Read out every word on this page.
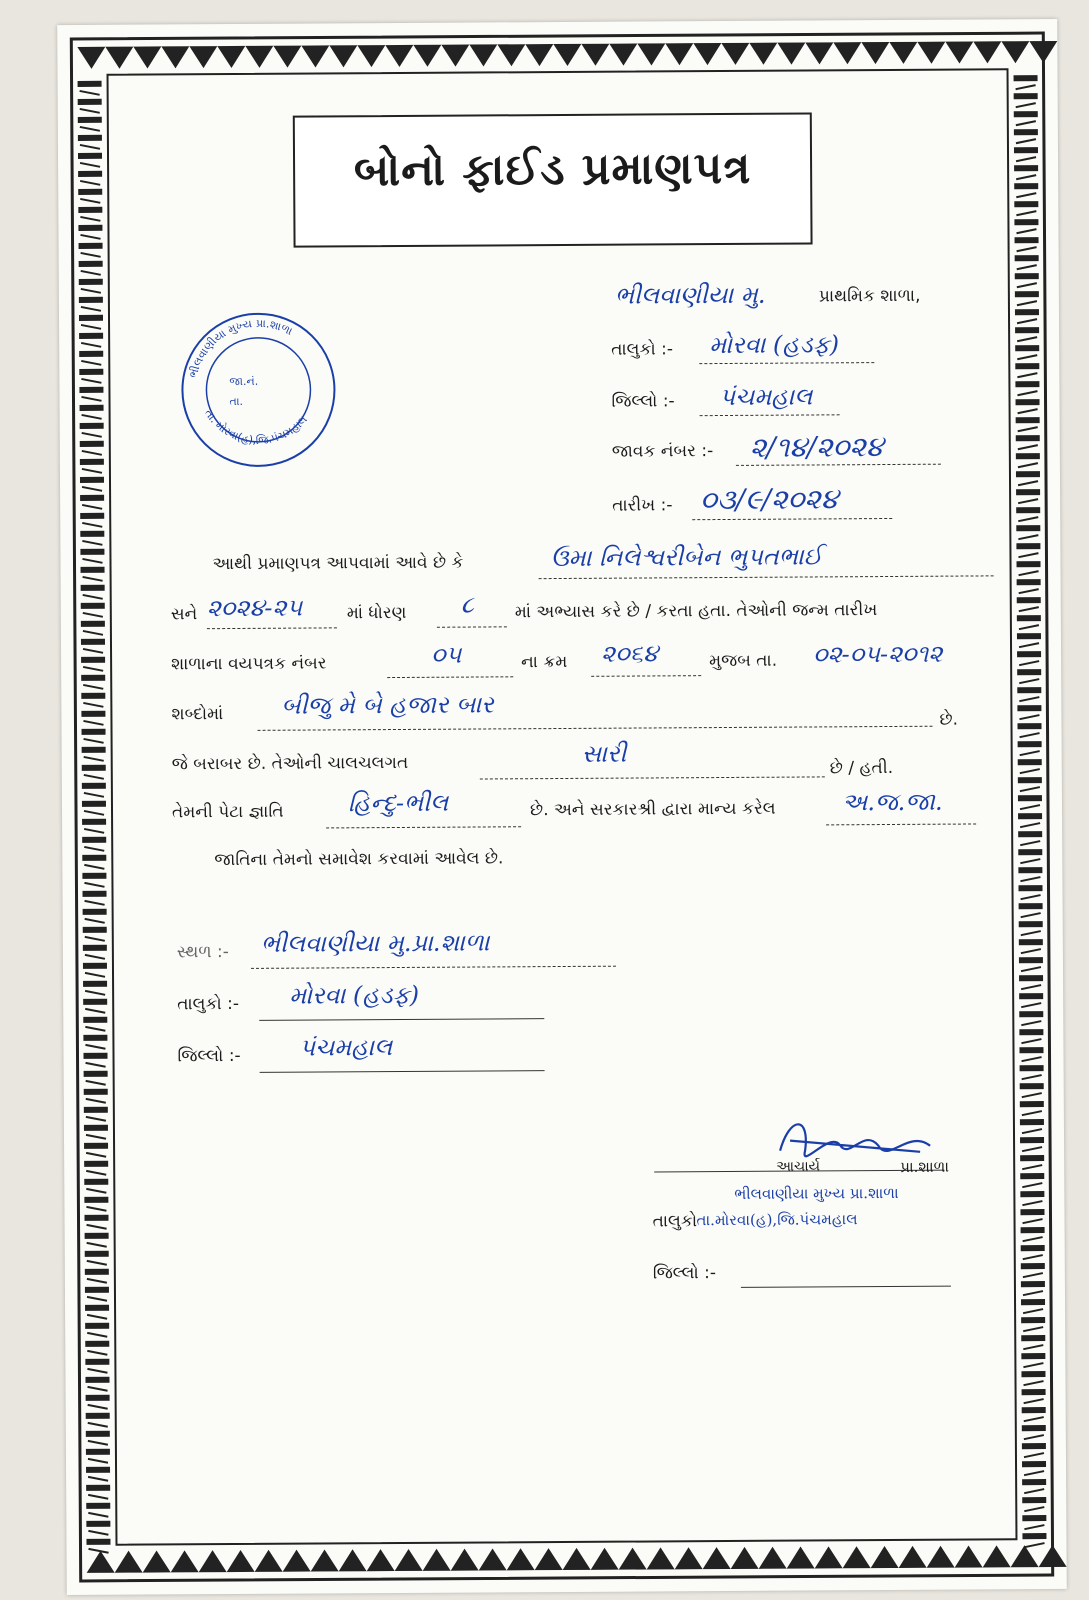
બોનો ફાઈડ પ્રમાણપત્ર
ભીલવાણીયા મુખ્ય પ્રા.શાળા
તા. મોરવા(હ),જિ.પંચમહાલ
જા.નં.
તા.
ભીલવાણીયા મુ.	પ્રાથમિક શાળા,
તાલુકો :- મોરવા (હડફ)
જિલ્લો :- પંચમહાલ
જાવક નંબર :- ૨/૧૪/૨૦૨૪
તારીખ :- ૦૩/૯/૨૦૨૪
આથી પ્રમાણપત્ર આપવામાં આવે છે કે	ઉમા નિલેશ્વરીબેન ભુપતભાઈ
સને ૨૦૨૪-૨૫	માં ધોરણ ૮ માં અભ્યાસ કરે છે / કરતા હતા. તેઓની જન્મ તારીખ
શાળાના વયપત્રક નંબર	૦૫	ના ક્રમ ૨૦૬૪	મુજબ તા. ૦૨-૦૫-૨૦૧૨
શબ્દોમાં બીજુ મે બે હજાર બાર	છે.
જે બરાબર છે. તેઓની ચાલચલગત	સારી
છે / હતી.
તેમની પેટા જ્ઞાતિ	હિન્દુ-ભીલ	છે. અને સરકારશ્રી દ્વારા માન્ય કરેલ	અ.જ.જા.
જાતિના તેમનો સમાવેશ કરવામાં આવેલ છે.
સ્થળ :- ભીલવાણીયા મુ.પ્રા.શાળા
તાલુકો :- મોરવા (હડફ)
જિલ્લો :- પંચમહાલ
આચાર્ય	પ્રા.શાળા
ભીલવાણીયા મુખ્ય પ્રા.શાળા
તાલુકો તા.મોરવા(હ),જિ.પંચમહાલ
જિલ્લો :-
